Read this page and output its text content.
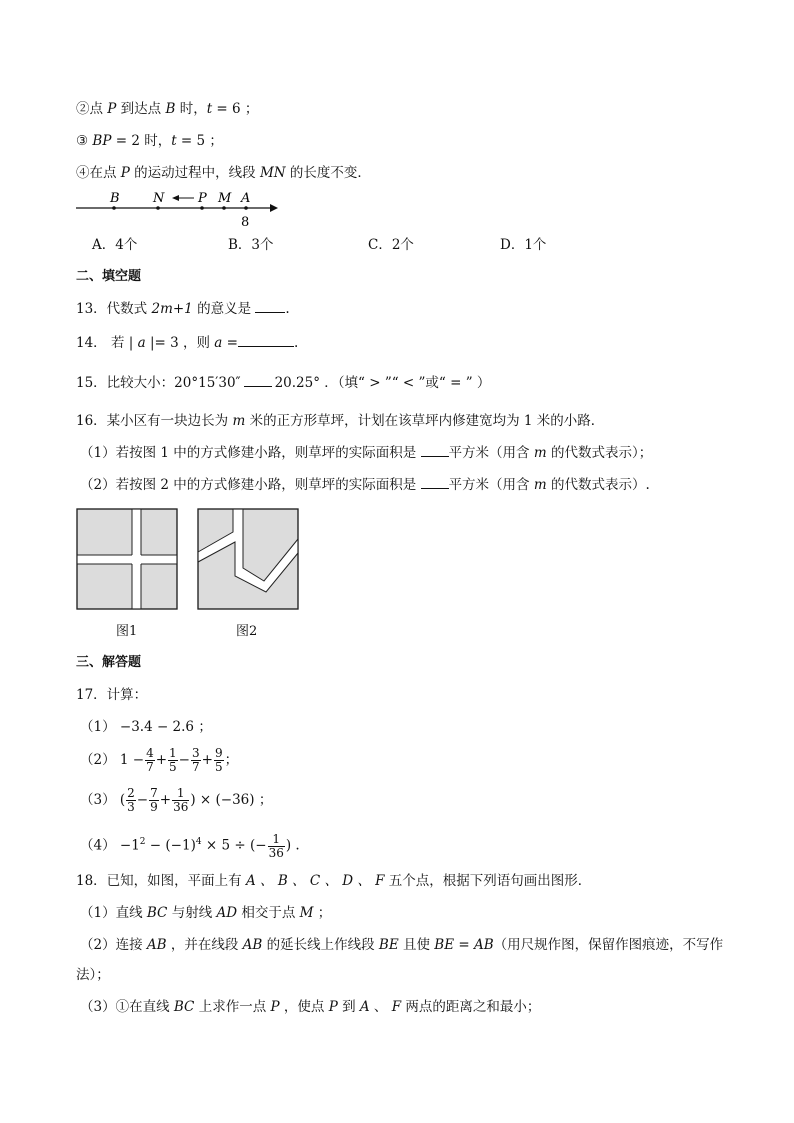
②点 P 到达点 B 时，t = 6 ；
③ BP = 2 时，t = 5 ；
④在点 P 的运动过程中，线段 MN 的长度不变．
B	N	P M A
8
A．4个	B．3个	C．2个	D．1个
二、填空题
13．代数式 2m+1 的意义是 .
14． 若 | a |= 3 ，则 a =	.
15．比较大小：20°15′30″	20.25° ．（填“ > ”“ < ”或“ = ” ）
16．某小区有一块边长为 m 米的正方形草坪，计划在该草坪内修建宽均为 1 米的小路．
（1）若按图 1 中的方式修建小路，则草坪的实际面积是 平方米（用含 m 的代数式表示）；
（2）若按图 2 中的方式修建小路，则草坪的实际面积是 平方米（用含 m 的代数式表示）.
图1	图2
三、解答题
17．计算：
（1） −3.4 − 2.6 ；
（2） $1 - \frac{4}{7} + \frac{1}{5} - \frac{3}{7} + \frac{9}{5}$ ；
（3） ( $\frac{2}{3} - \frac{7}{9} + \frac{1}{36}$ ) × (−36) ；
$(4) -1^2 - (-1)^4 \times 5$ ÷ (− $\frac{1}{36}$ ) .
18．已知，如图，平面上有 A 、 B 、 C 、 D 、 F 五个点，根据下列语句画出图形．
（1）直线 BC 与射线 AD 相交于点 M ；
（2）连接 AB ，并在线段 AB 的延长线上作线段 BE 且使 BE = AB（用尺规作图，保留作图痕迹，不写作
法）；
（3）①在直线 BC 上求作一点 P ，使点 P 到 A 、 F 两点的距离之和最小；
